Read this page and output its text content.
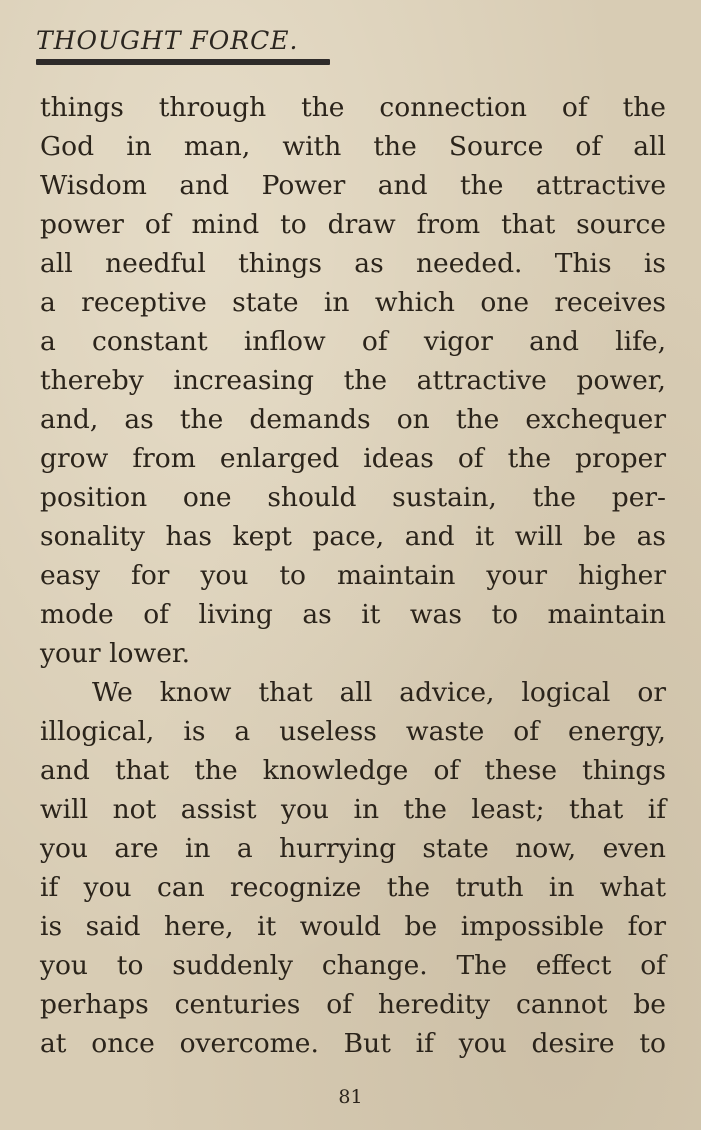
THOUGHT FORCE.
things through the connection of the
God in man, with the Source of all
Wisdom and Power and the attractive
power of mind to draw from that source
all needful things as needed. This is
a receptive state in which one receives
a constant inflow of vigor and life,
thereby increasing the attractive power,
and, as the demands on the exchequer
grow from enlarged ideas of the proper
position one should sustain, the per-
sonality has kept pace, and it will be as
easy for you to maintain your higher
mode of living as it was to maintain
your lower.
We know that all advice, logical or
illogical, is a useless waste of energy,
and that the knowledge of these things
will not assist you in the least; that if
you are in a hurrying state now, even
if you can recognize the truth in what
is said here, it would be impossible for
you to suddenly change. The effect of
perhaps centuries of heredity cannot be
at once overcome. But if you desire to
81
